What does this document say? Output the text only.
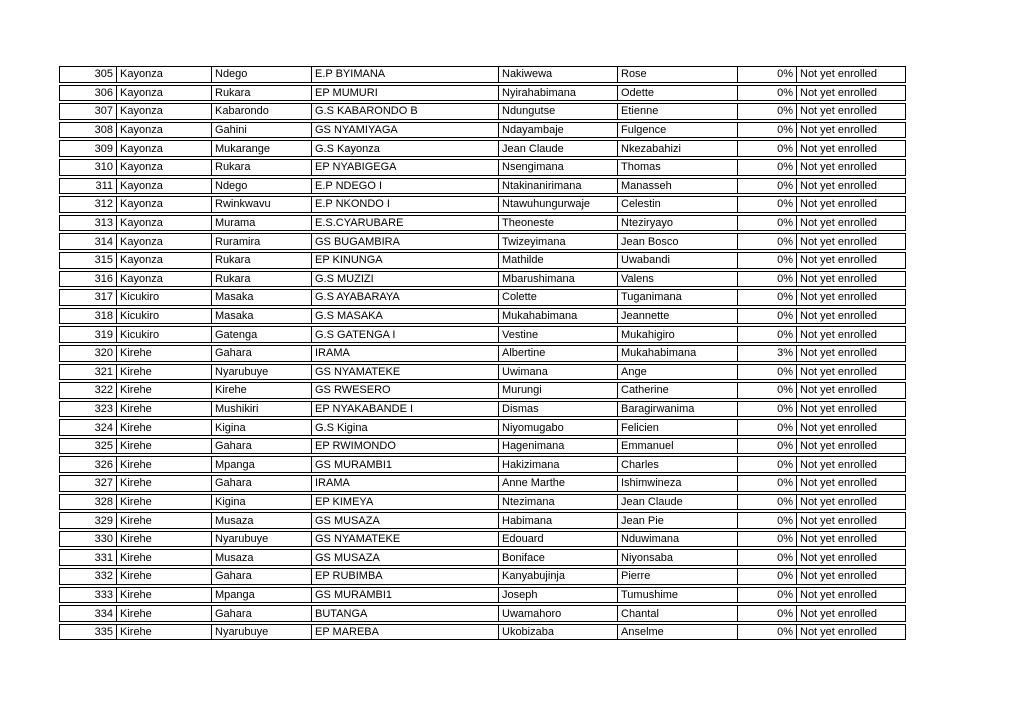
305	Kayonza	Ndego	E.P BYIMANA	Nakiwewa	Rose	0%	Not yet enrolled
306	Kayonza	Rukara	EP MUMURI	Nyirahabimana	Odette	0%	Not yet enrolled
307	Kayonza	Kabarondo	G.S KABARONDO B	Ndungutse	Etienne	0%	Not yet enrolled
308	Kayonza	Gahini	GS NYAMIYAGA	Ndayambaje	Fulgence	0%	Not yet enrolled
309	Kayonza	Mukarange	G.S Kayonza	Jean Claude	Nkezabahizi	0%	Not yet enrolled
310	Kayonza	Rukara	EP NYABIGEGA	Nsengimana	Thomas	0%	Not yet enrolled
311	Kayonza	Ndego	E.P NDEGO I	Ntakinanirimana	Manasseh	0%	Not yet enrolled
312	Kayonza	Rwinkwavu	E.P NKONDO I	Ntawuhungurwaje	Celestin	0%	Not yet enrolled
313	Kayonza	Murama	E.S.CYARUBARE	Theoneste	Nteziryayo	0%	Not yet enrolled
314	Kayonza	Ruramira	GS BUGAMBIRA	Twizeyimana	Jean Bosco	0%	Not yet enrolled
315	Kayonza	Rukara	EP KINUNGA	Mathilde	Uwabandi	0%	Not yet enrolled
316	Kayonza	Rukara	G.S MUZIZI	Mbarushimana	Valens	0%	Not yet enrolled
317	Kicukiro	Masaka	G.S AYABARAYA	Colette	Tuganimana	0%	Not yet enrolled
318	Kicukiro	Masaka	G.S MASAKA	Mukahabimana	Jeannette	0%	Not yet enrolled
319	Kicukiro	Gatenga	G.S GATENGA I	Vestine	Mukahigiro	0%	Not yet enrolled
320	Kirehe	Gahara	IRAMA	Albertine	Mukahabimana	3%	Not yet enrolled
321	Kirehe	Nyarubuye	GS NYAMATEKE	Uwimana	Ange	0%	Not yet enrolled
322	Kirehe	Kirehe	GS RWESERO	Murungi	Catherine	0%	Not yet enrolled
323	Kirehe	Mushikiri	EP NYAKABANDE I	Dismas	Baragirwanima	0%	Not yet enrolled
324	Kirehe	Kigina	G.S Kigina	Niyomugabo	Felicien	0%	Not yet enrolled
325	Kirehe	Gahara	EP RWIMONDO	Hagenimana	Emmanuel	0%	Not yet enrolled
326	Kirehe	Mpanga	GS MURAMBI1	Hakizimana	Charles	0%	Not yet enrolled
327	Kirehe	Gahara	IRAMA	Anne Marthe	Ishimwineza	0%	Not yet enrolled
328	Kirehe	Kigina	EP KIMEYA	Ntezimana	Jean Claude	0%	Not yet enrolled
329	Kirehe	Musaza	GS MUSAZA	Habimana	Jean Pie	0%	Not yet enrolled
330	Kirehe	Nyarubuye	GS NYAMATEKE	Edouard	Nduwimana	0%	Not yet enrolled
331	Kirehe	Musaza	GS MUSAZA	Boniface	Niyonsaba	0%	Not yet enrolled
332	Kirehe	Gahara	EP RUBIMBA	Kanyabujinja	Pierre	0%	Not yet enrolled
333	Kirehe	Mpanga	GS MURAMBI1	Joseph	Tumushime	0%	Not yet enrolled
334	Kirehe	Gahara	BUTANGA	Uwamahoro	Chantal	0%	Not yet enrolled
335	Kirehe	Nyarubuye	EP MAREBA	Ukobizaba	Anselme	0%	Not yet enrolled
